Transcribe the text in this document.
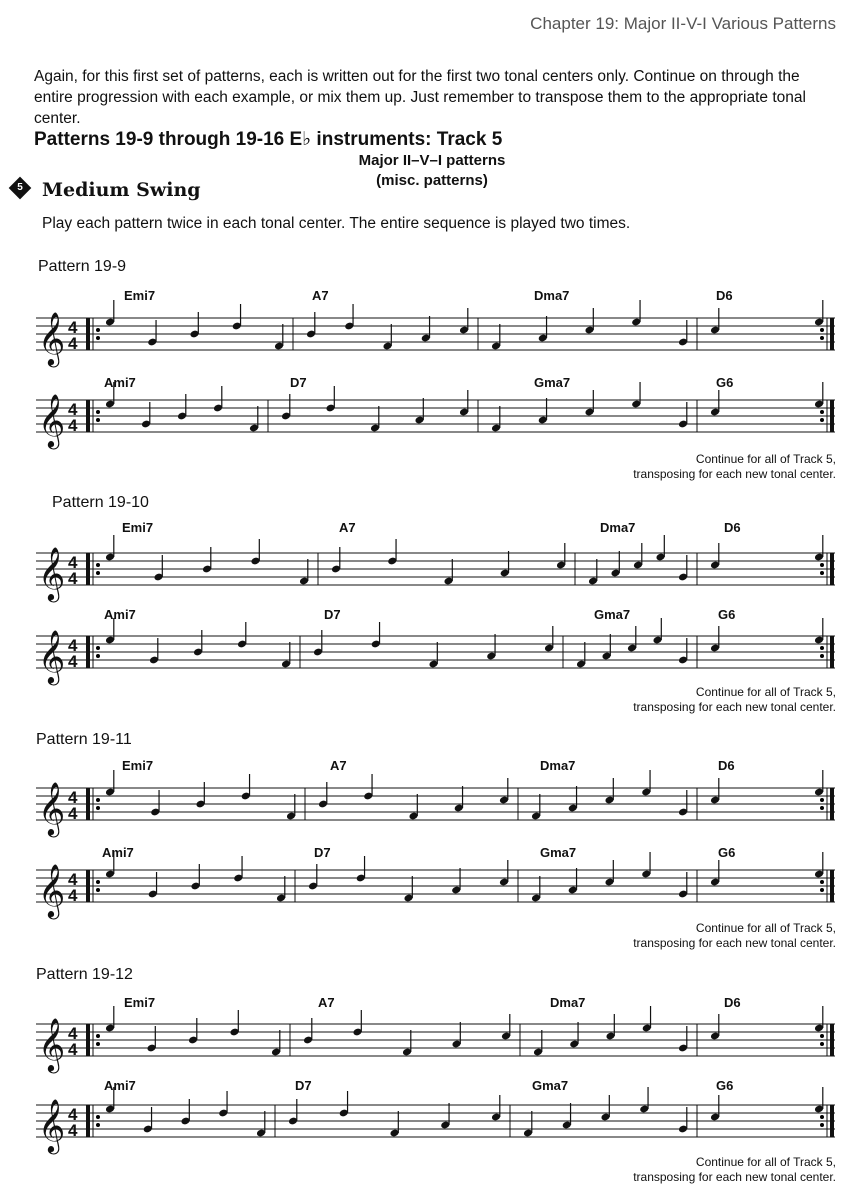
Chapter 19: Major II-V-I Various Patterns
Again, for this first set of patterns, each is written out for the first two tonal centers only. Continue on through the entire progression with each example, or mix them up. Just remember to transpose them to the appropriate tonal center.
Patterns 19-9 through 19-16 E♭ instruments: Track 5
Major II–V–I patterns
(misc. patterns)
5 Medium Swing
Play each pattern twice in each tonal center. The entire sequence is played two times.
Pattern 19-9
Pattern 19-10
Pattern 19-11
Pattern 19-12
Continue for all of Track 5,
transposing for each new tonal center.
Continue for all of Track 5,
transposing for each new tonal center.
Continue for all of Track 5,
transposing for each new tonal center.
Continue for all of Track 5,
transposing for each new tonal center.
𝄞 4
4
Emi7	A7	Dma7	D6
𝄞 4
4
Ami7	D7	Gma7	G6
𝄞 4
4
Emi7	A7	Dma7	D6
𝄞 4
4
Ami7	D7	Gma7	G6
𝄞 4
4
Emi7	A7	Dma7	D6
𝄞 4
4
Ami7	D7	Gma7	G6
𝄞 4
4
Emi7	A7	Dma7	D6
𝄞 4
4
Ami7	D7	Gma7	G6
